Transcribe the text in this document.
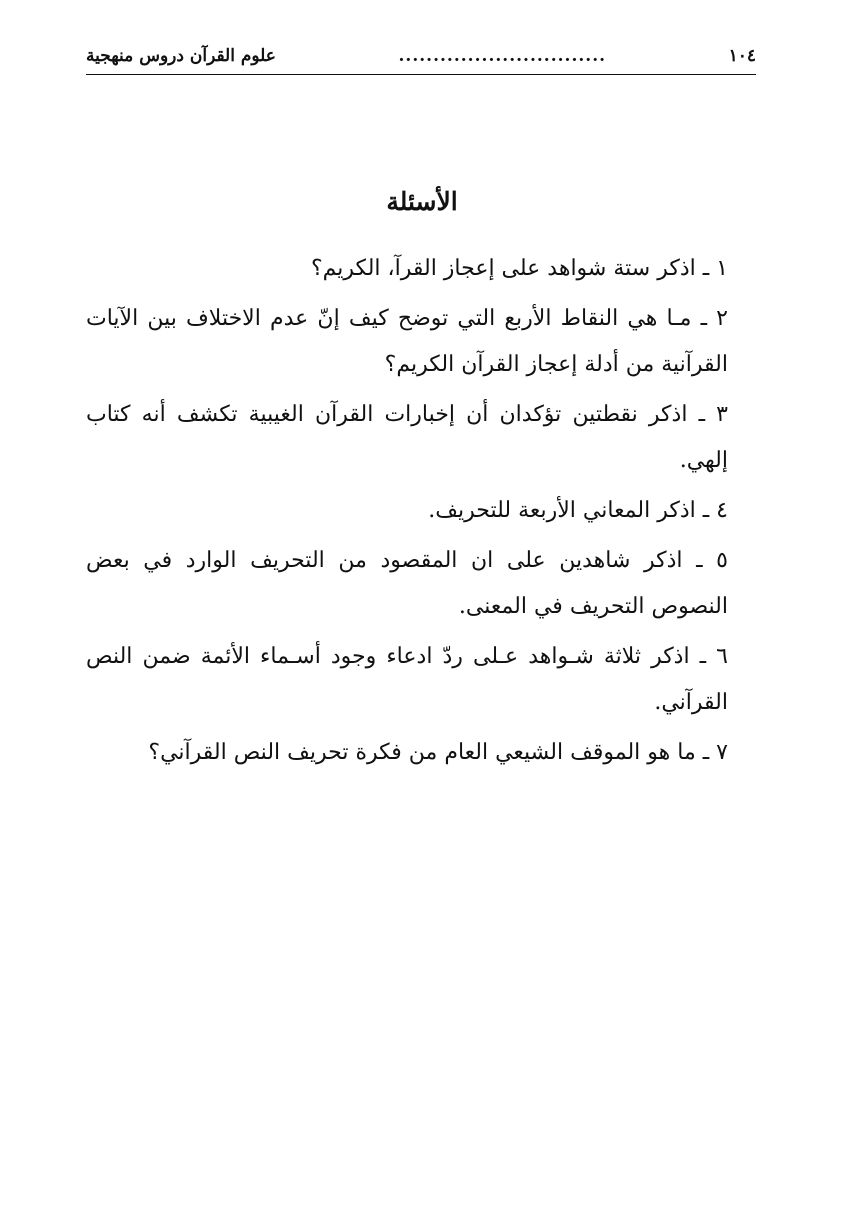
١٠٤
..............................
علوم القرآن دروس منهجية
الأسئلة
١ ـ اذكر ستة شواهد على إعجاز القرآ، الكريم؟
٢ ـ مـا هي النقاط الأربع التي توضح كيف إنّ عدم الاختلاف بين الآيات القرآنية من أدلة إعجاز القرآن الكريم؟
٣ ـ اذكر نقطتين تؤكدان أن إخبارات القرآن الغيبية تكشف أنه كتاب إلهي.
٤ ـ اذكر المعاني الأربعة للتحريف.
٥ ـ اذكر شاهدين على ان المقصود من التحريف الوارد في بعض النصوص التحريف في المعنى.
٦ ـ اذكر ثلاثة شـواهد عـلى ردّ ادعاء وجود أسـماء الأئمة ضمن النص القرآني.
٧ ـ ما هو الموقف الشيعي العام من فكرة تحريف النص القرآني؟
